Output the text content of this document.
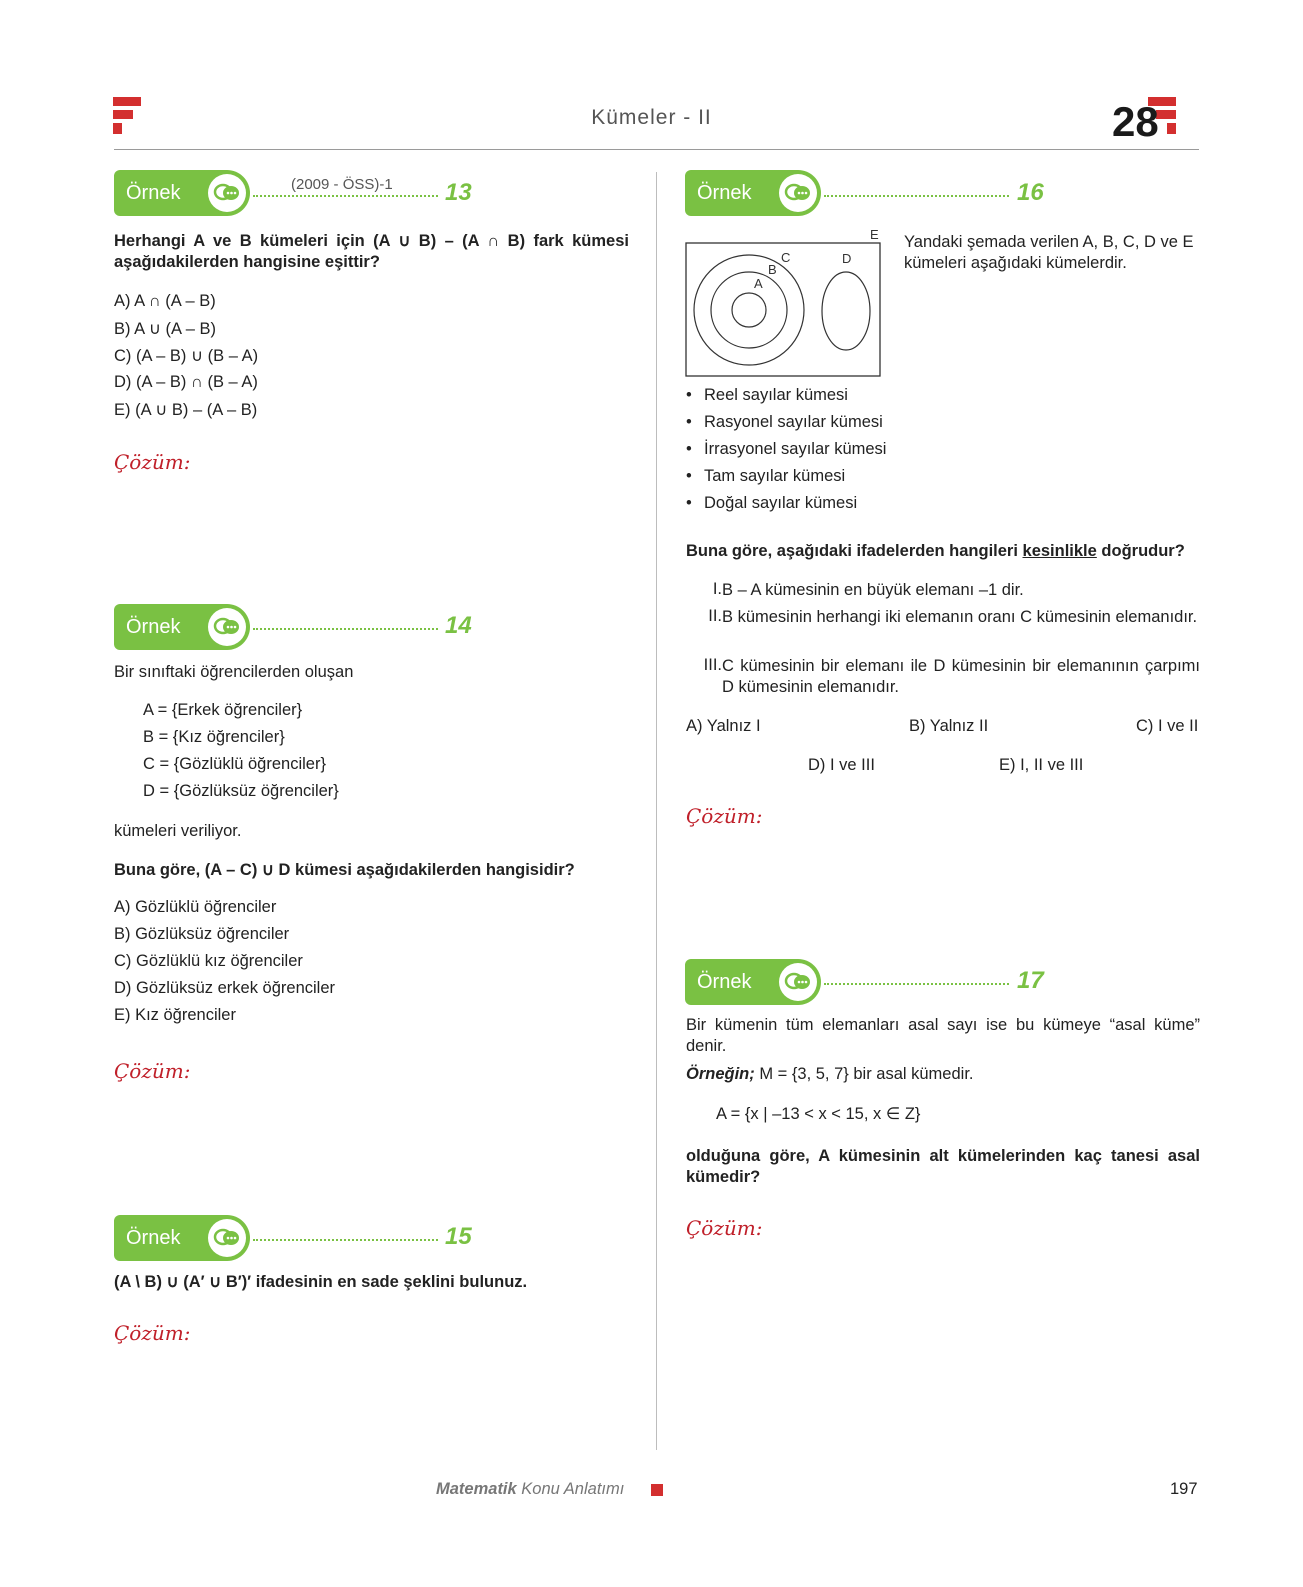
Kümeler - II	28
Örnek	(2009 - ÖSS)-1 13
Herhangi A ve B kümeleri için (A ∪ B) – (A ∩ B) fark kümesi aşağıdakilerden hangisine eşittir?
A) A ∩ (A – B)
B) A ∪ (A – B)
C) (A – B) ∪ (B – A)
D) (A – B) ∩ (B – A)
E) (A ∪ B) – (A – B)
Çözüm:
Örnek	14
Bir sınıftaki öğrencilerden oluşan
A = {Erkek öğrenciler}
B = {Kız öğrenciler}
C = {Gözlüklü öğrenciler}
D = {Gözlüksüz öğrenciler}
kümeleri veriliyor.
Buna göre, (A – C) ∪ D kümesi aşağıdakilerden hangisidir?
A) Gözlüklü öğrenciler
B) Gözlüksüz öğrenciler
C) Gözlüklü kız öğrenciler
D) Gözlüksüz erkek öğrenciler
E) Kız öğrenciler
Çözüm:
Örnek	15
(A \ B) ∪ (A′ ∪ B′)′ ifadesinin en sade şeklini bulunuz.
Çözüm:
Örnek	16
E
C
B
A
D
Yandaki şemada verilen A, B, C, D ve E kümeleri aşağıdaki kümelerdir.
• Reel sayılar kümesi
• Rasyonel sayılar kümesi
• İrrasyonel sayılar kümesi
• Tam sayılar kümesi
• Doğal sayılar kümesi
Buna göre, aşağıdaki ifadelerden hangileri kesinlikle doğrudur?
I. B – A kümesinin en büyük elemanı –1 dir.
II. B kümesinin herhangi iki elemanın oranı C kümesinin elemanıdır.
III. C kümesinin bir elemanı ile D kümesinin bir elemanının çarpımı D kümesinin elemanıdır.
A) Yalnız I	B) Yalnız II	C) I ve II
D) I ve III	E) I, II ve III
Çözüm:
Örnek	17
Bir kümenin tüm elemanları asal sayı ise bu kümeye “asal küme” denir.
Örneğin; M = {3, 5, 7} bir asal kümedir.
A = {x | –13 < x < 15, x ∈ Z}
olduğuna göre, A kümesinin alt kümelerinden kaç tanesi asal kümedir?
Çözüm:
Matematik Konu Anlatımı	197
